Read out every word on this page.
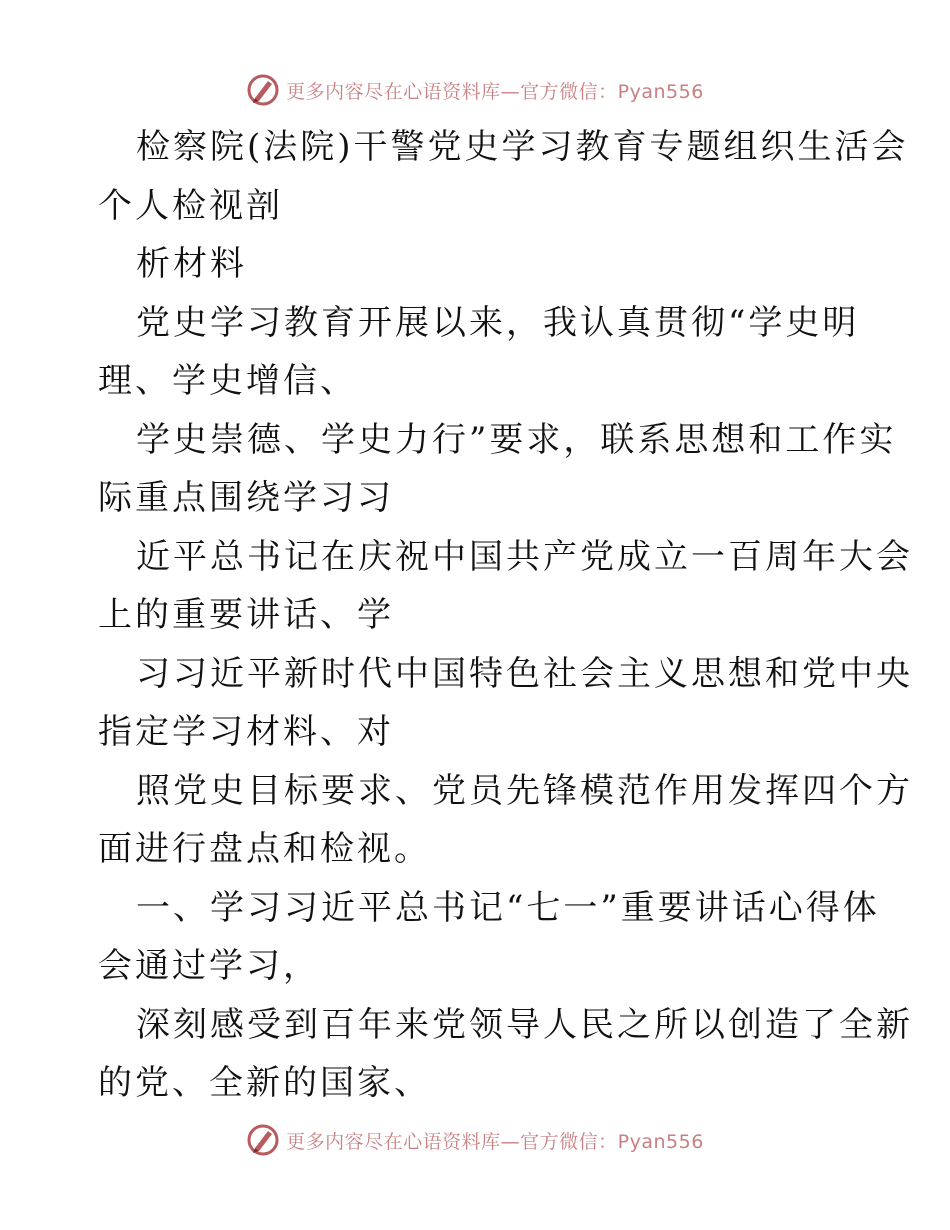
更多内容尽在心语资料库—官方微信：Pyan556
检察院(法院)干警党史学习教育专题组织生活会
个人检视剖
析材料
党史学习教育开展以来，我认真贯彻“学史明
理、学史增信、
学史崇德、学史力行”要求，联系思想和工作实
际重点围绕学习习
近平总书记在庆祝中国共产党成立一百周年大会
上的重要讲话、学
习习近平新时代中国特色社会主义思想和党中央
指定学习材料、对
照党史目标要求、党员先锋模范作用发挥四个方
面进行盘点和检视。
一、学习习近平总书记“七一”重要讲话心得体
会通过学习，
深刻感受到百年来党领导人民之所以创造了全新
的党、全新的国家、
更多内容尽在心语资料库—官方微信：Pyan556
